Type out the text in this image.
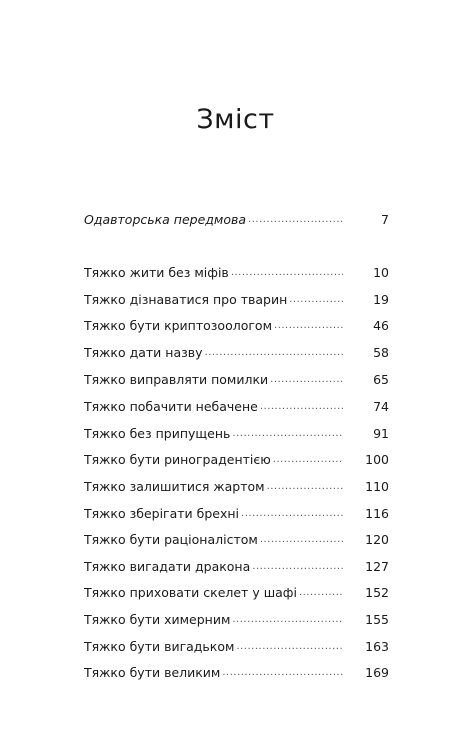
Зміст
Одавторська передмова .....	7
Тяжко жити без міфів .....	10
Тяжко дізнаватися про тварин .....	19
Тяжко бути криптозоологом .....	46
Тяжко дати назву .....	58
Тяжко виправляти помилки .....	65
Тяжко побачити небачене .....	74
Тяжко без припущень .....	91
Тяжко бути риноградентією .....	100
Тяжко залишитися жартом .....	110
Тяжко зберігати брехні .....	116
Тяжко бути раціоналістом .....	120
Тяжко вигадати дракона .....	127
Тяжко приховати скелет у шафі .....	152
Тяжко бути химерним .....	155
Тяжко бути вигадьком .....	163
Тяжко бути великим .....	169
